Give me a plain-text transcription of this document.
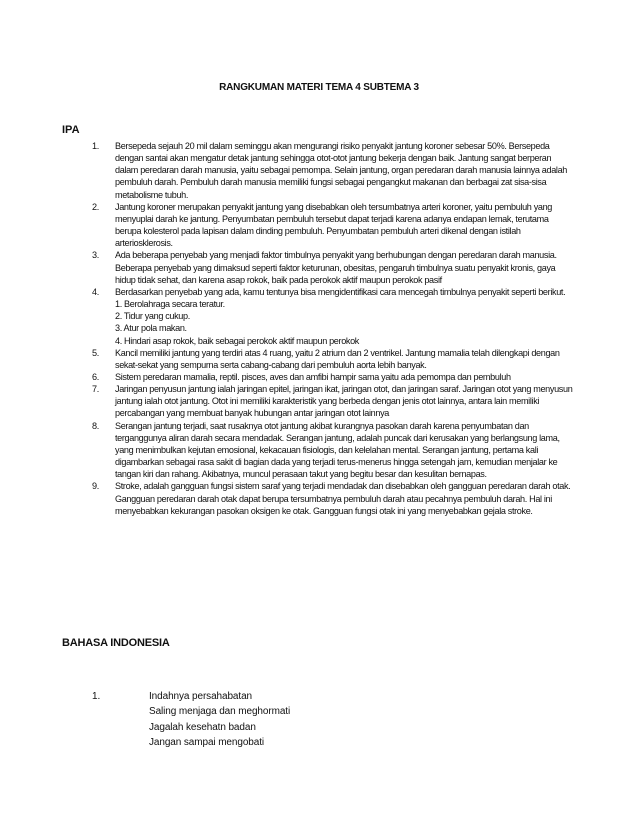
RANGKUMAN MATERI TEMA 4 SUBTEMA 3
IPA
1. Bersepeda sejauh 20 mil dalam seminggu akan mengurangi risiko penyakit jantung koroner sebesar 50%. Bersepeda dengan santai akan mengatur detak jantung sehingga otot-otot jantung bekerja dengan baik. Jantung sangat berperan dalam peredaran darah manusia, yaitu sebagai pemompa. Selain jantung, organ peredaran darah manusia lainnya adalah pembuluh darah. Pembuluh darah manusia memiliki fungsi sebagai pengangkut makanan dan berbagai zat sisa-sisa metabolisme tubuh.
2. Jantung koroner merupakan penyakit jantung yang disebabkan oleh tersumbatnya arteri koroner, yaitu pembuluh yang menyuplai darah ke jantung. Penyumbatan pembuluh tersebut dapat terjadi karena adanya endapan lemak, terutama berupa kolesterol pada lapisan dalam dinding pembuluh. Penyumbatan pembuluh arteri dikenal dengan istilah arteriosklerosis.
3. Ada beberapa penyebab yang menjadi faktor timbulnya penyakit yang berhubungan dengan peredaran darah manusia. Beberapa penyebab yang dimaksud seperti faktor keturunan, obesitas, pengaruh timbulnya suatu penyakit kronis, gaya hidup tidak sehat, dan karena asap rokok, baik pada perokok aktif maupun perokok pasif
4. Berdasarkan penyebab yang ada, kamu tentunya bisa mengidentifikasi cara mencegah timbulnya penyakit seperti berikut.
1. Berolahraga secara teratur.
2. Tidur yang cukup.
3. Atur pola makan.
4. Hindari asap rokok, baik sebagai perokok aktif maupun perokok
5. Kancil memiliki jantung yang terdiri atas 4 ruang, yaitu 2 atrium dan 2 ventrikel. Jantung mamalia telah dilengkapi dengan sekat-sekat yang sempurna serta cabang-cabang dari pembuluh aorta lebih banyak.
6. Sistem peredaran mamalia, reptil. pisces, aves dan amfibi hampir sama yaitu ada pemompa dan pembuluh
7. Jaringan penyusun jantung ialah jaringan epitel, jaringan ikat, jaringan otot, dan jaringan saraf. Jaringan otot yang menyusun jantung ialah otot jantung. Otot ini memiliki karakteristik yang berbeda dengan jenis otot lainnya, antara lain memiliki percabangan yang membuat banyak hubungan antar jaringan otot lainnya
8. Serangan jantung terjadi, saat rusaknya otot jantung akibat kurangnya pasokan darah karena penyumbatan dan terganggunya aliran darah secara mendadak. Serangan jantung, adalah puncak dari kerusakan yang berlangsung lama, yang menimbulkan kejutan emosional, kekacauan fisiologis, dan kelelahan mental. Serangan jantung, pertama kali digambarkan sebagai rasa sakit di bagian dada yang terjadi terus-menerus hingga setengah jam, kemudian menjalar ke tangan kiri dan rahang. Akibatnya, muncul perasaan takut yang begitu besar dan kesulitan bernapas.
9. Stroke, adalah gangguan fungsi sistem saraf yang terjadi mendadak dan disebabkan oleh gangguan peredaran darah otak. Gangguan peredaran darah otak dapat berupa tersumbatnya pembuluh darah atau pecahnya pembuluh darah. Hal ini menyebabkan kekurangan pasokan oksigen ke otak. Gangguan fungsi otak ini yang menyebabkan gejala stroke.
BAHASA INDONESIA
1.	Indahnya persahabatan
Saling menjaga dan meghormati
Jagalah kesehatn badan
Jangan sampai mengobati
